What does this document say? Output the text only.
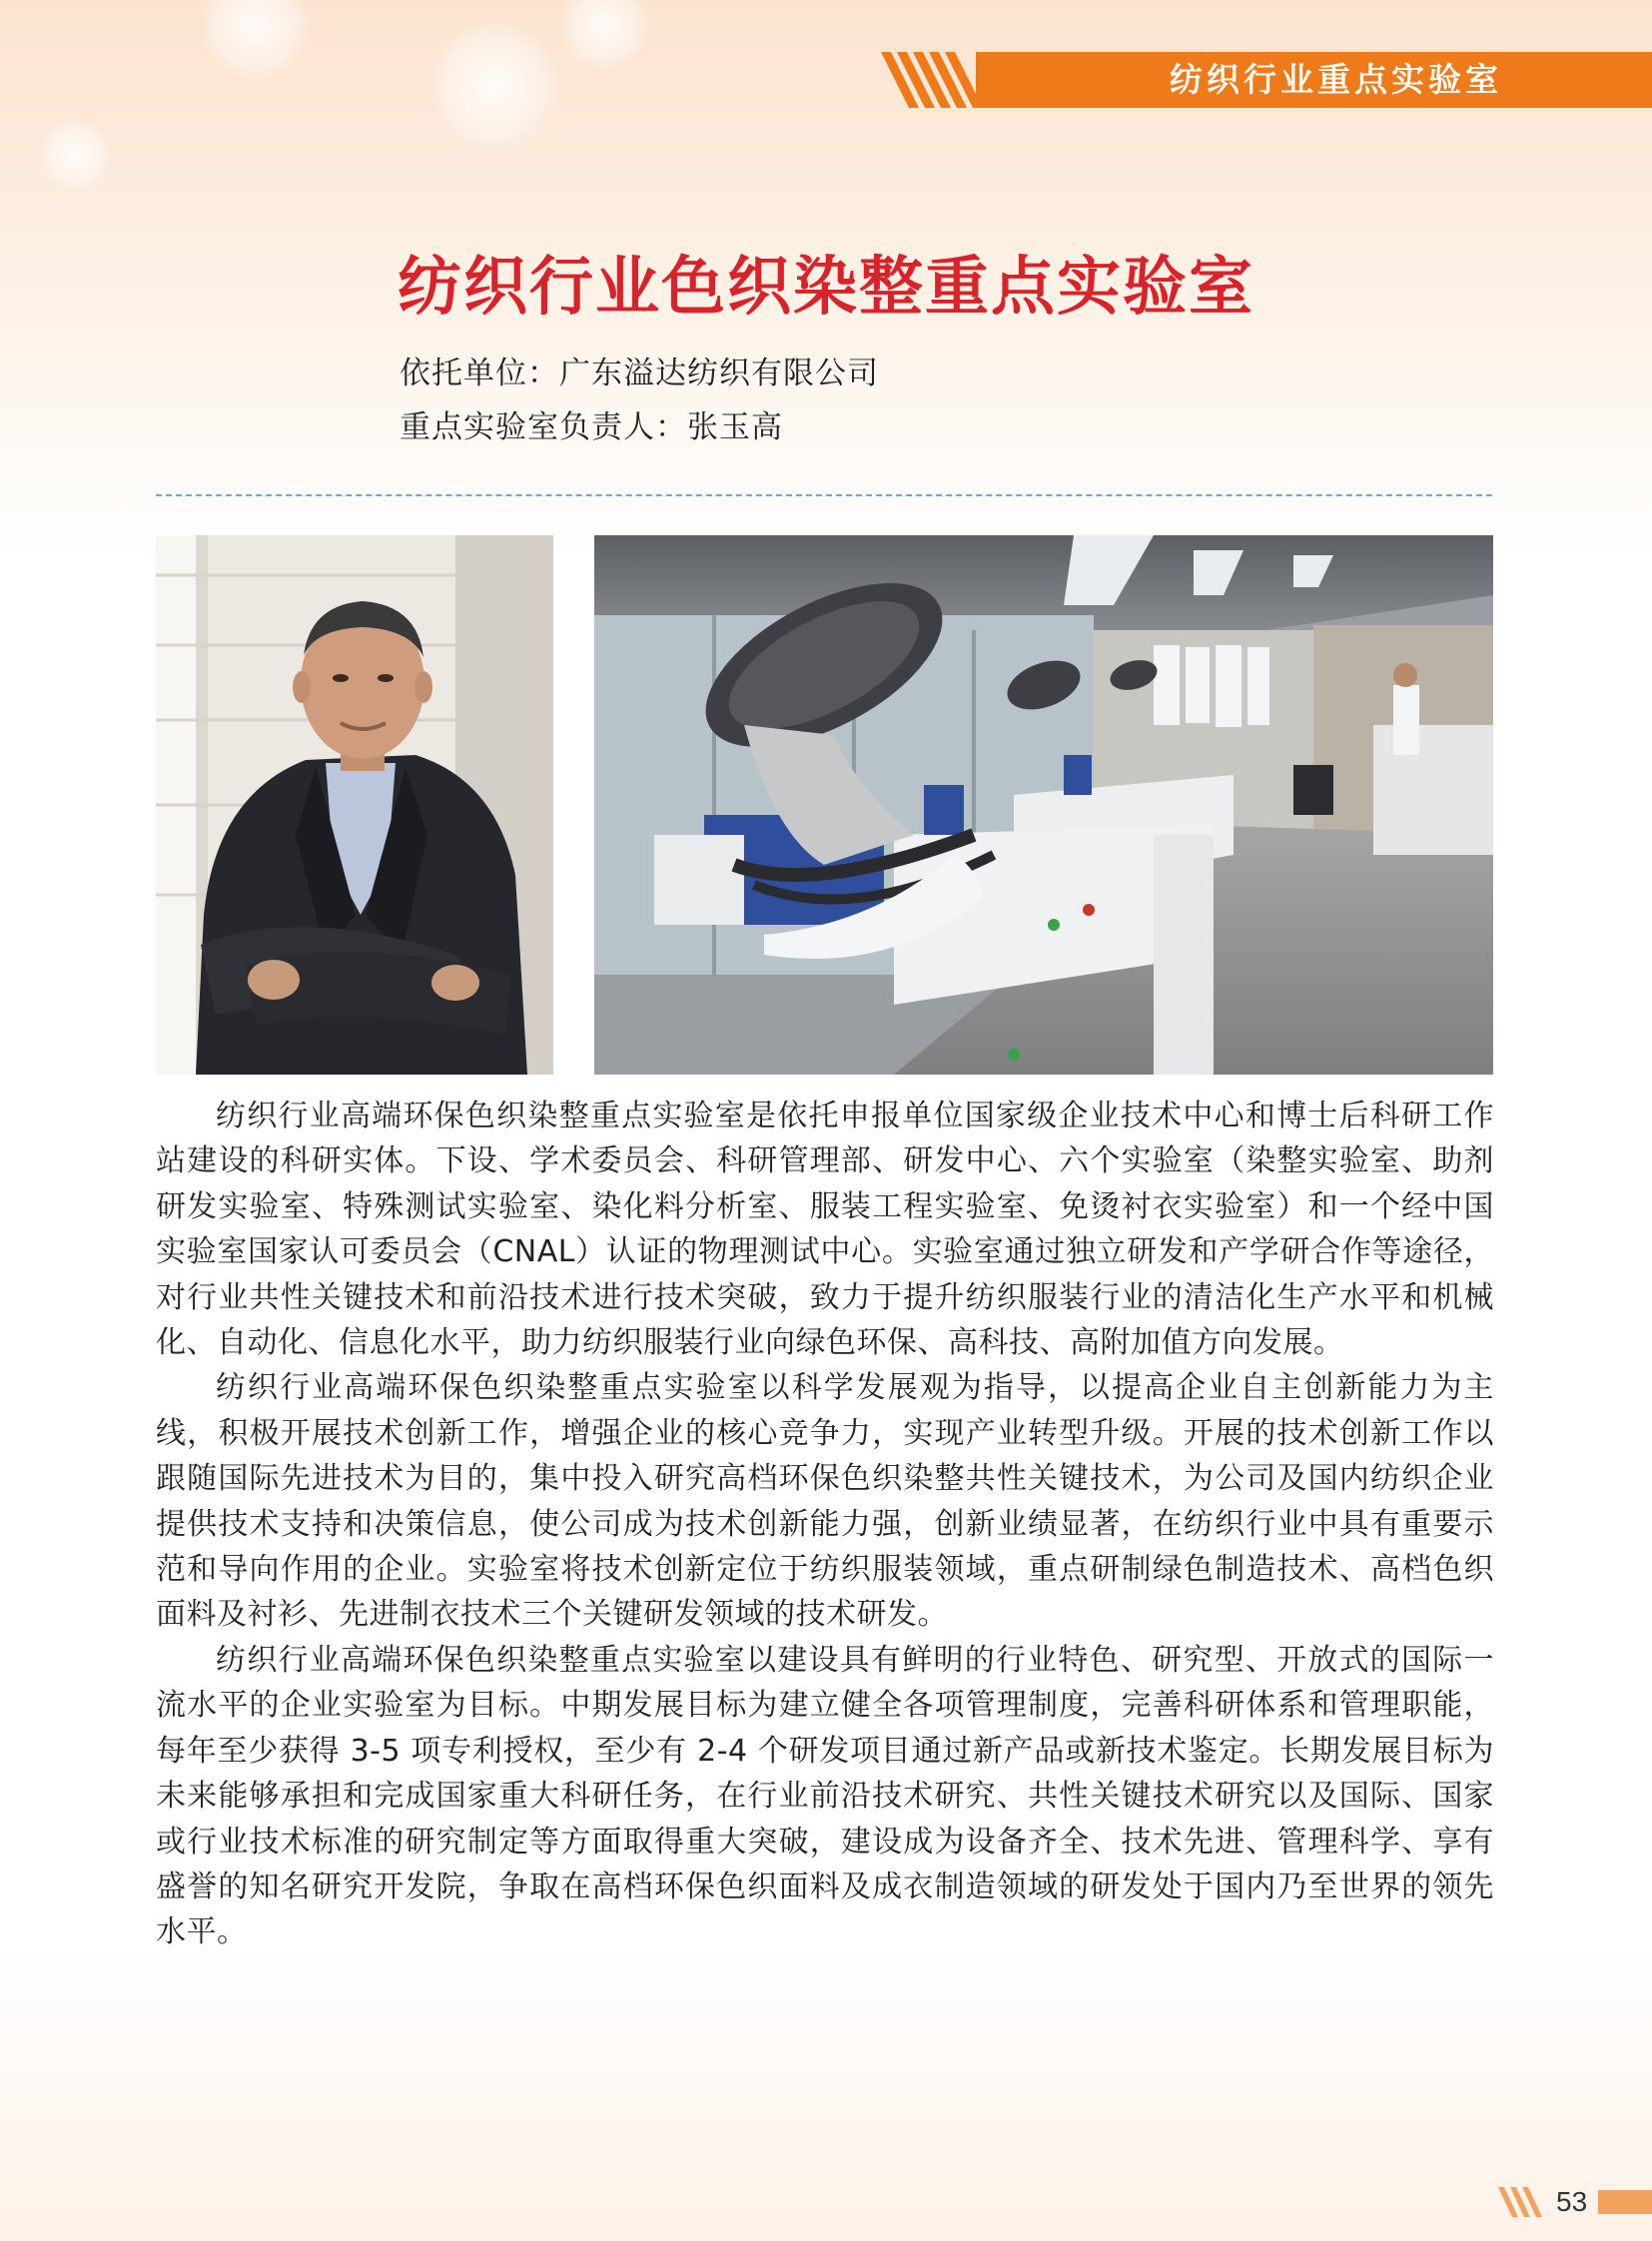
纺织行业重点实验室
纺织行业色织染整重点实验室
依托单位：广东溢达纺织有限公司
重点实验室负责人：张玉高

纺织行业高端环保色织染整重点实验室是依托申报单位国家级企业技术中心和博士后科研工作站建设的科研实体。下设、学术委员会、科研管理部、研发中心、六个实验室（染整实验室、助剂研发实验室、特殊测试实验室、染化料分析室、服装工程实验室、免烫衬衣实验室）和一个经中国实验室国家认可委员会（CNAL）认证的物理测试中心。实验室通过独立研发和产学研合作等途径，对行业共性关键技术和前沿技术进行技术突破，致力于提升纺织服装行业的清洁化生产水平和机械化、自动化、信息化水平，助力纺织服装行业向绿色环保、高科技、高附加值方向发展。

纺织行业高端环保色织染整重点实验室以科学发展观为指导，以提高企业自主创新能力为主线，积极开展技术创新工作，增强企业的核心竞争力，实现产业转型升级。开展的技术创新工作以跟随国际先进技术为目的，集中投入研究高档环保色织染整共性关键技术，为公司及国内纺织企业提供技术支持和决策信息，使公司成为技术创新能力强，创新业绩显著，在纺织行业中具有重要示范和导向作用的企业。实验室将技术创新定位于纺织服装领域，重点研制绿色制造技术、高档色织面料及衬衫、先进制衣技术三个关键研发领域的技术研发。

纺织行业高端环保色织染整重点实验室以建设具有鲜明的行业特色、研究型、开放式的国际一流水平的企业实验室为目标。中期发展目标为建立健全各项管理制度，完善科研体系和管理职能，每年至少获得 3-5 项专利授权，至少有 2-4 个研发项目通过新产品或新技术鉴定。长期发展目标为未来能够承担和完成国家重大科研任务，在行业前沿技术研究、共性关键技术研究以及国际、国家或行业技术标准的研究制定等方面取得重大突破，建设成为设备齐全、技术先进、管理科学、享有盛誉的知名研究开发院，争取在高档环保色织面料及成衣制造领域的研发处于国内乃至世界的领先水平。

53
